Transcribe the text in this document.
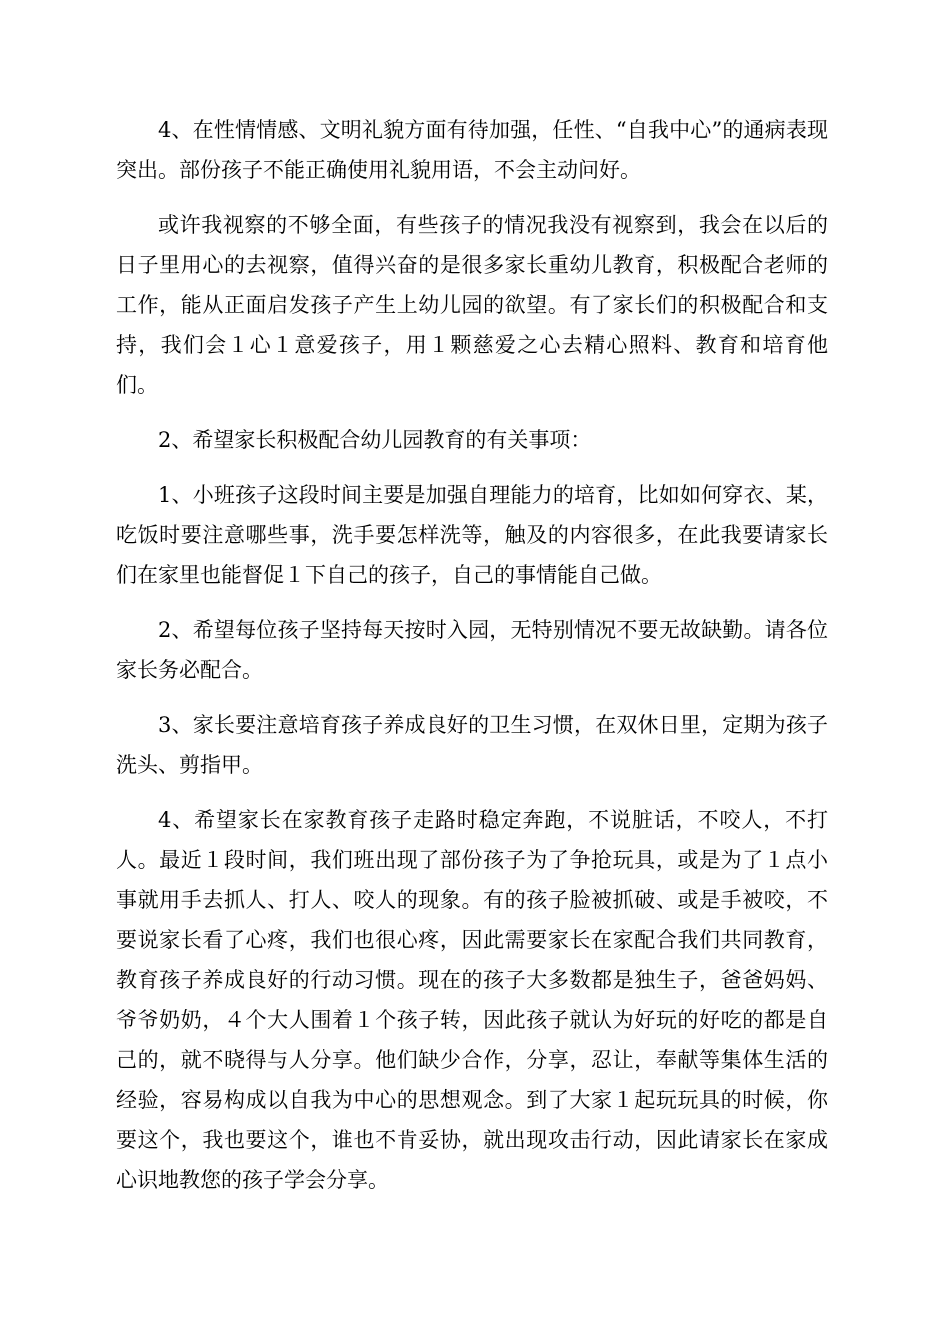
4、在性情情感、文明礼貌方面有待加强，任性、“自我中心”的通病表现突出。部份孩子不能正确使用礼貌用语，不会主动问好。

或许我视察的不够全面，有些孩子的情况我没有视察到，我会在以后的日子里用心的去视察，值得兴奋的是很多家长重幼儿教育，积极配合老师的工作，能从正面启发孩子产生上幼儿园的欲望。有了家长们的积极配合和支持，我们会１心１意爱孩子，用１颗慈爱之心去精心照料、教育和培育他们。

2、希望家长积极配合幼儿园教育的有关事项：

1、小班孩子这段时间主要是加强自理能力的培育，比如如何穿衣、某，吃饭时要注意哪些事，洗手要怎样洗等，触及的内容很多，在此我要请家长们在家里也能督促１下自己的孩子，自己的事情能自己做。

2、希望每位孩子坚持每天按时入园，无特别情况不要无故缺勤。请各位家长务必配合。

3、家长要注意培育孩子养成良好的卫生习惯，在双休日里，定期为孩子洗头、剪指甲。

4、希望家长在家教育孩子走路时稳定奔跑，不说脏话，不咬人，不打人。最近１段时间，我们班出现了部份孩子为了争抢玩具，或是为了１点小事就用手去抓人、打人、咬人的现象。有的孩子脸被抓破、或是手被咬，不要说家长看了心疼，我们也很心疼，因此需要家长在家配合我们共同教育，教育孩子养成良好的行动习惯。现在的孩子大多数都是独生子，爸爸妈妈、爷爷奶奶，４个大人围着１个孩子转，因此孩子就认为好玩的好吃的都是自己的，就不晓得与人分享。他们缺少合作，分享，忍让，奉献等集体生活的经验，容易构成以自我为中心的思想观念。到了大家１起玩玩具的时候，你要这个，我也要这个，谁也不肯妥协，就出现攻击行动，因此请家长在家成心识地教您的孩子学会分享。
